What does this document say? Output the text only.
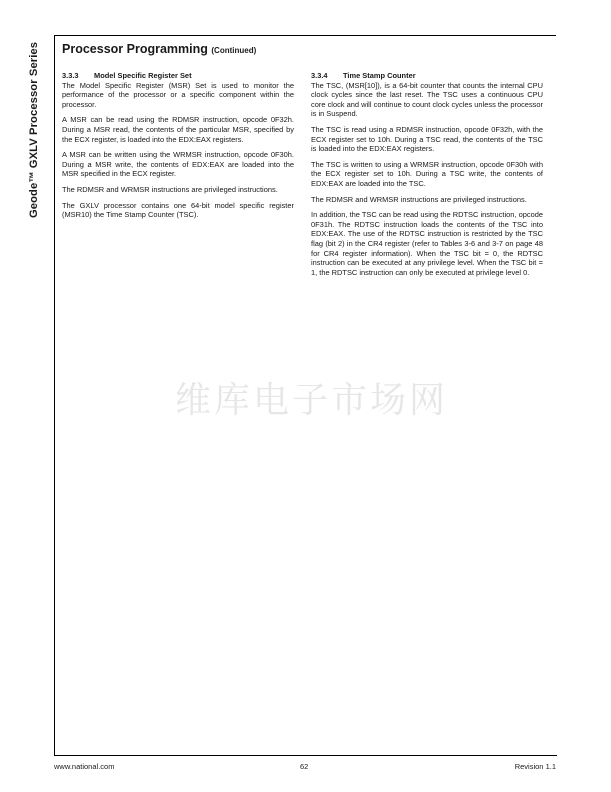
Geode™ GXLV Processor Series Processor Programming (Continued)
3.3.3 Model Specific Register Set

The Model Specific Register (MSR) Set is used to monitor the performance of the processor or a specific component within the processor.

A MSR can be read using the RDMSR instruction, opcode 0F32h. During a MSR read, the contents of the particular MSR, specified by the ECX register, is loaded into the EDX:EAX registers.

A MSR can be written using the WRMSR instruction, opcode 0F30h. During a MSR write, the contents of EDX:EAX are loaded into the MSR specified in the ECX register.

The RDMSR and WRMSR instructions are privileged instructions.

The GXLV processor contains one 64-bit model specific register (MSR10) the Time Stamp Counter (TSC).

3.3.4 Time Stamp Counter

The TSC, (MSR[10]), is a 64-bit counter that counts the internal CPU clock cycles since the last reset. The TSC uses a continuous CPU core clock and will continue to count clock cycles unless the processor is in Suspend.

The TSC is read using a RDMSR instruction, opcode 0F32h, with the ECX register set to 10h. During a TSC read, the contents of the TSC is loaded into the EDX:EAX registers.

The TSC is written to using a WRMSR instruction, opcode 0F30h with the ECX register set to 10h. During a TSC write, the contents of EDX:EAX are loaded into the TSC.

The RDMSR and WRMSR instructions are privileged instructions.

In addition, the TSC can be read using the RDTSC instruction, opcode 0F31h. The RDTSC instruction loads the contents of the TSC into EDX:EAX. The use of the RDTSC instruction is restricted by the TSC flag (bit 2) in the CR4 register (refer to Tables 3-6 and 3-7 on page 48 for CR4 register information). When the TSC bit = 0, the RDTSC instruction can be executed at any privilege level. When the TSC bit = 1, the RDTSC instruction can only be executed at privilege level 0.

维库电子市场网
www.national.com	62	Revision 1.1
